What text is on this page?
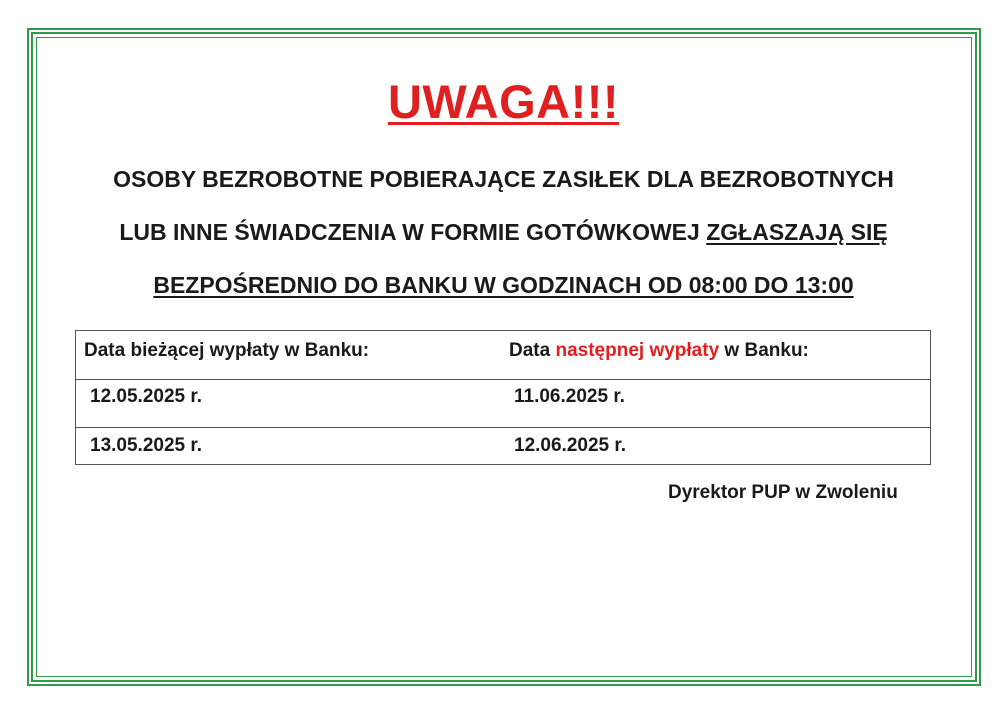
UWAGA!!!
OSOBY BEZROBOTNE POBIERAJĄCE ZASIŁEK DLA BEZROBOTNYCH
LUB INNE ŚWIADCZENIA W FORMIE GOTÓWKOWEJ ZGŁASZAJĄ SIĘ
BEZPOŚREDNIO DO BANKU W GODZINACH OD 08:00 DO 13:00
Data bieżącej wypłaty w Banku:	Data następnej wypłaty w Banku:
12.05.2025 r.	11.06.2025 r.
13.05.2025 r.	12.06.2025 r.
Dyrektor PUP w Zwoleniu
